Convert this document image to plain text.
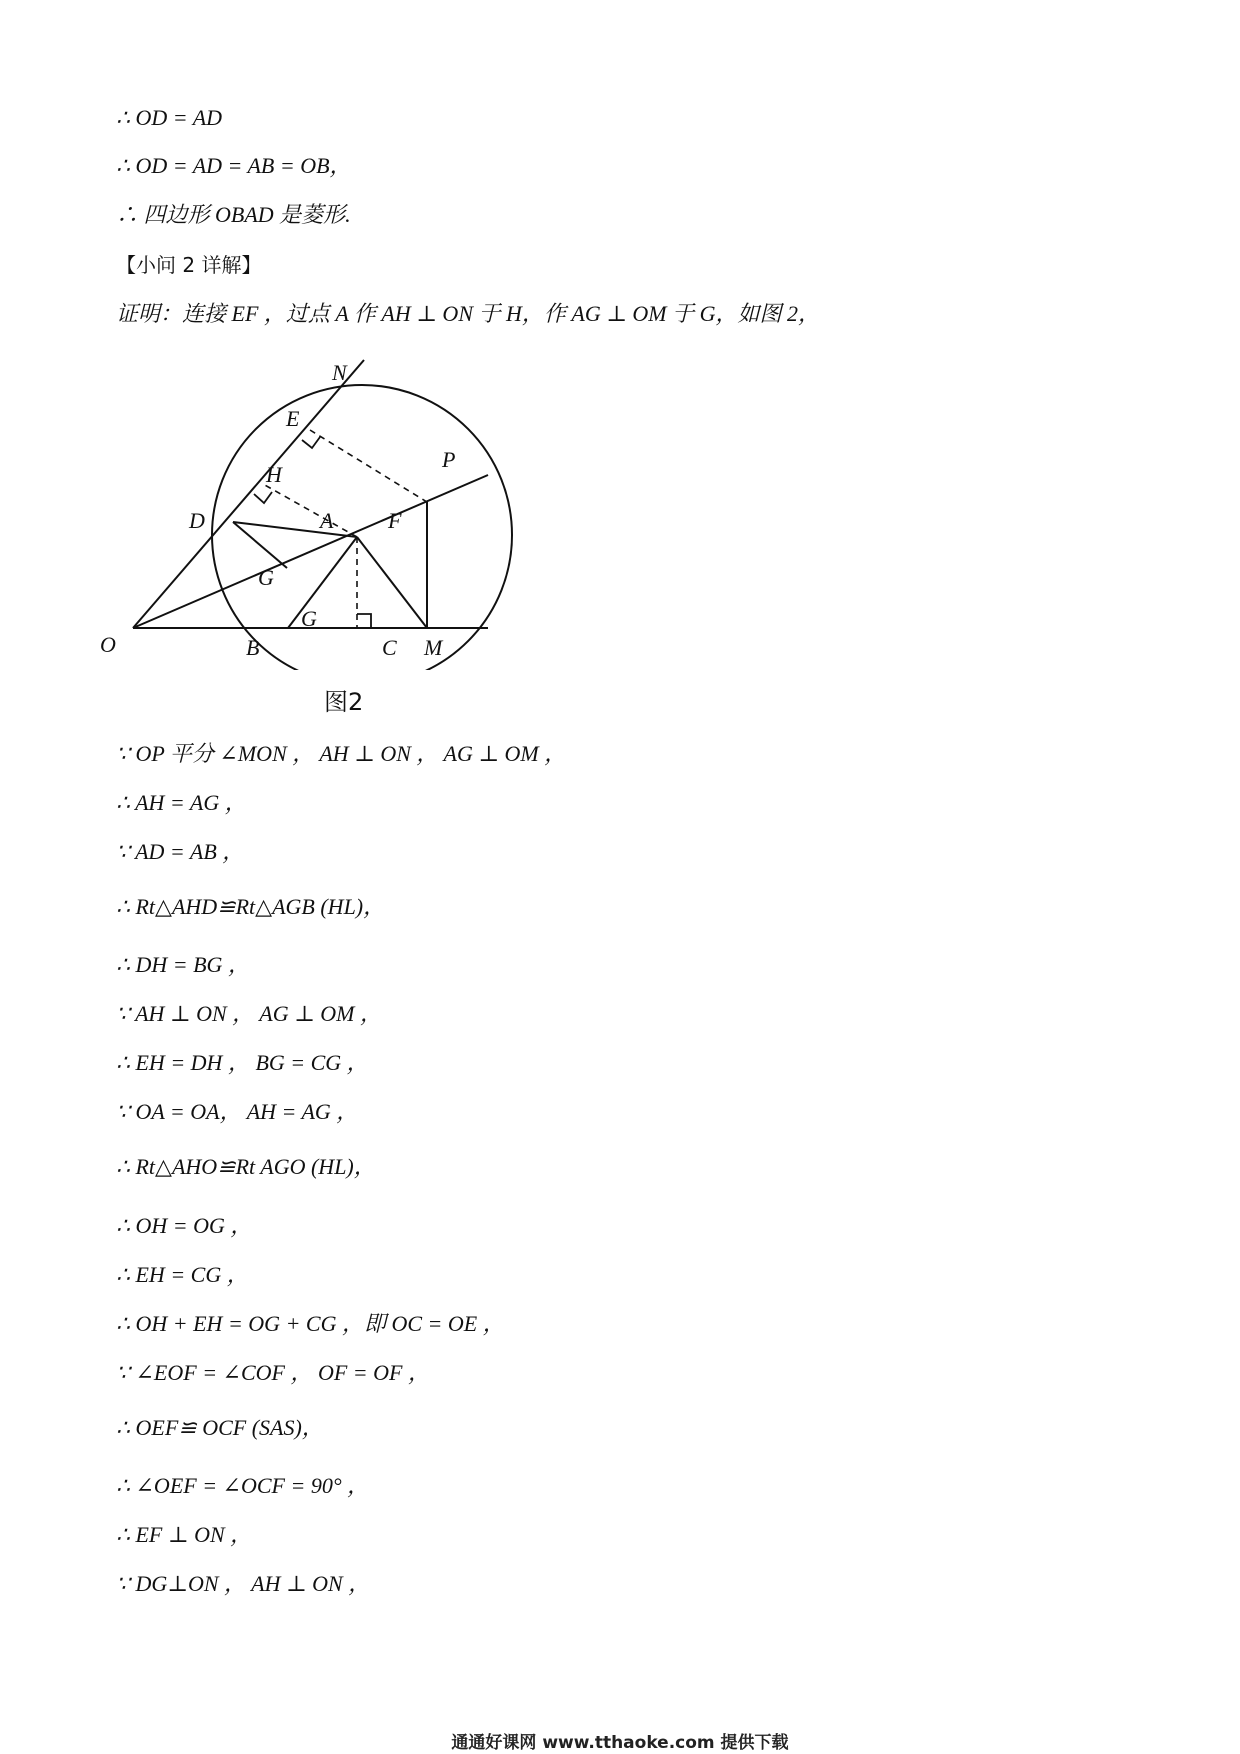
∴ OD = AD
∴ OD = AD = AB = OB，
∴ 四边形 OBAD 是菱形.
【小问 2 详解】
证明：连接 EF ，过点 A 作 AH ⊥ ON 于 H，作 AG ⊥ OM 于 G，如图 2，
N
E
H
P
D	A F
G
G
O	B	C M
图2
∵ OP 平分 ∠MON ， AH ⊥ ON ， AG ⊥ OM ，
∴ AH = AG ，
∵ AD = AB ，
∴ Rt△AHD≌Rt△AGB (HL)，
∴ DH = BG ，
∵ AH ⊥ ON ， AG ⊥ OM ，
∴ EH = DH ， BG = CG ，
∵ OA = OA， AH = AG ，
∴ Rt△AHO≌Rt AGO (HL)，
∴ OH = OG ，
∴ EH = CG ，
∴ OH + EH = OG + CG ，即 OC = OE ，
∵ ∠EOF = ∠COF ， OF = OF ，
∴ OEF≌ OCF (SAS)，
∴ ∠OEF = ∠OCF = 90° ，
∴ EF ⊥ ON ，
∵ DG⊥ON ， AH ⊥ ON ，
通通好课网 www.tthaoke.com 提供下载
